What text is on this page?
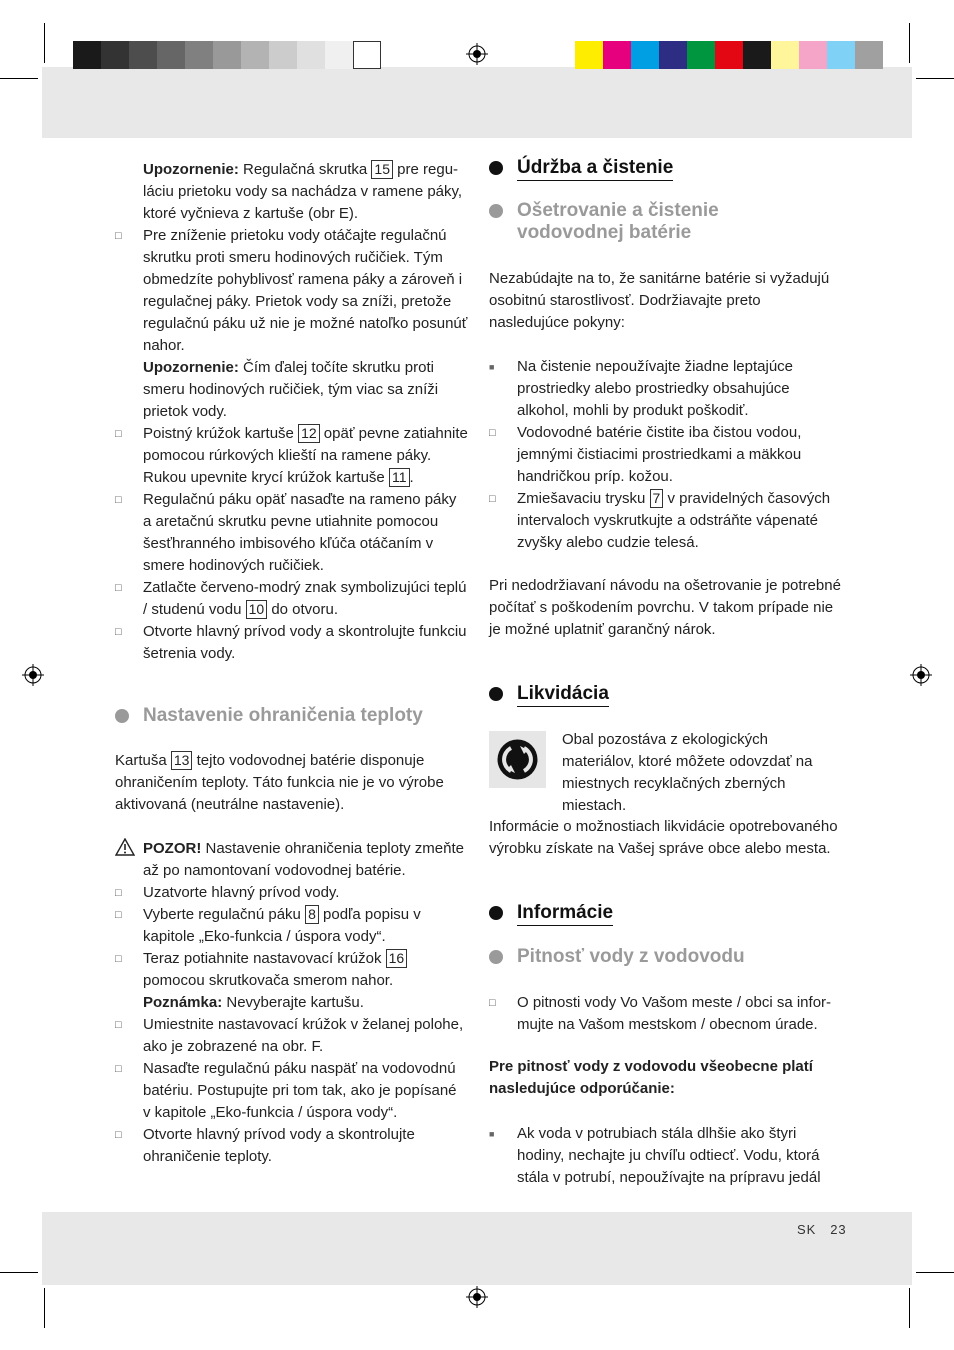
Upozornenie: Regulačná skrutka 15 pre reguláciu prietoku vody sa nachádza v ramene páky, ktoré vyčnieva z kartuše (obr E).

□ Pre zníženie prietoku vody otáčajte regulačnú skrutku proti smeru hodinových ručičiek. Tým obmedzíte pohyblivosť ramena páky a zároveň i regulačnej páky. Prietok vody sa zníži, pretože regulačnú páku už nie je možné natoľko posunúť nahor.

Upozornenie: Čím ďalej točíte skrutku proti smeru hodinových ručičiek, tým viac sa zníži prietok vody.

□ Poistný krúžok kartuše 12 opäť pevne zatiahnite pomocou rúrkových klieští na ramene páky. Rukou upevnite krycí krúžok kartuše 11 .
□ Regulačnú páku opäť nasaďte na rameno páky a aretačnú skrutku pevne utiahnite pomocou šesťhranného imbisového kľúča otáčaním v smere hodinových ručičiek.
□ Zatlačte červeno-modrý znak symbolizujúci teplú / studenú vodu 10 do otvoru.
□ Otvorte hlavný prívod vody a skontrolujte funkciu šetrenia vody.
Nastavenie ohraničenia teploty

Kartuša 13 tejto vodovodnej batérie disponuje ohraničením teploty. Táto funkcia nie je vo výrobe aktivovaná (neutrálne nastavenie).

POZOR! Nastavenie ohraničenia teploty zmeňte až po namontovaní vodovodnej batérie.

□ Uzatvorte hlavný prívod vody.
□ Vyberte regulačnú páku 8 podľa popisu v kapitole „Eko-funkcia / úspora vody“.
□ Teraz potiahnite nastavovací krúžok 16 pomocou skrutkovača smerom nahor.

Poznámka: Nevyberajte kartušu.

□ Umiestnite nastavovací krúžok v želanej polohe, ako je zobrazené na obr. F.
□ Nasaďte regulačnú páku naspäť na vodovodnú batériu. Postupujte pri tom tak, ako je popísané v kapitole „Eko-funkcia / úspora vody“.
□ Otvorte hlavný prívod vody a skontrolujte ohraničenie teploty.
Údržba a čistenie
Ošetrovanie a čistenie vodovodnej batérie

Nezabúdajte na to, že sanitárne batérie si vyžadujú osobitnú starostlivosť. Dodržiavajte preto nasledujúce pokyny:

■ Na čistenie nepoužívajte žiadne leptajúce prostriedky alebo prostriedky obsahujúce alkohol, mohli by produkt poškodiť.
□ Vodovodné batérie čistite iba čistou vodou, jemnými čistiacimi prostriedkami a mäkkou handričkou príp. kožou.
□ Zmiešavaciu trysku 7 v pravidelných časových intervaloch vyskrutkujte a odstráňte vápenaté zvyšky alebo cudzie telesá.

Pri nedodržiavaní návodu na ošetrovanie je potrebné počítať s poškodením povrchu. V takom prípade nie je možné uplatniť garančný nárok.

Likvidácia

Obal pozostáva z ekologických materiálov, ktoré môžete odovzdať na miestnych recyklačných zberných miestach.

Informácie o možnostiach likvidácie opotrebovaného výrobku získate na Vašej správe obce alebo mesta.

Informácie
Pitnosť vody z vodovodu
□ O pitnosti vody Vo Vašom meste / obci sa informujte na Vašom mestskom / obecnom úrade.

Pre pitnosť vody z vodovodu všeobecne platí nasledujúce odporúčanie:

■ Ak voda v potrubiach stála dlhšie ako štyri hodiny, nechajte ju chvíľu odtiecť. Vodu, ktorá stála v potrubí, nepoužívajte na prípravu jedál
SK 23
